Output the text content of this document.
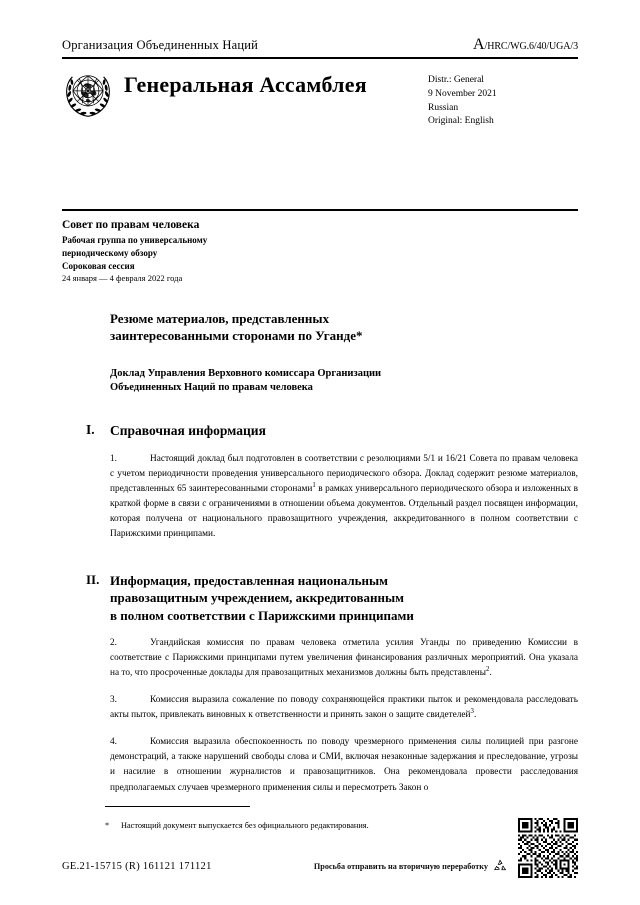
Организация Объединенных Наций	A/HRC/WG.6/40/UGA/3
Генеральная Ассамблея	Distr.: General
9 November 2021
Russian
Original: English
Совет по правам человека
Рабочая группа по универсальному
периодическому обзору
Сороковая сессия
24 января — 4 февраля 2022 года
Резюме материалов, представленных
заинтересованными сторонами по Уганде*
Доклад Управления Верховного комиссара Организации
Объединенных Наций по правам человека
I.	Справочная информация

1.	Настоящий доклад был подготовлен в соответствии с резолюциями 5/1 и 16/21 Совета по правам человека с учетом периодичности проведения универсального периодического обзора. Доклад содержит резюме материалов, представленных 65 заинтересованными сторонами$^1$ в рамках универсального периодического обзора и изложенных в краткой форме в связи с ограничениями в отношении объема документов. Отдельный раздел посвящен информации, которая получена от национального правозащитного учреждения, аккредитованного в полном соответствии с Парижскими принципами.

II. Информация, предоставленная национальным
правозащитным учреждением, аккредитованным
в полном соответствии с Парижскими принципами

2.	Угандийская комиссия по правам человека отметила усилия Уганды по приведению Комиссии в соответствие с Парижскими принципами путем увеличения финансирования различных мероприятий. Она указала на то, что просроченные доклады для правозащитных механизмов должны быть представлены$^2$.

3.	Комиссия выразила сожаление по поводу сохраняющейся практики пыток и рекомендовала расследовать акты пыток, привлекать виновных к ответственности и принять закон о защите свидетелей$^3$.

4.	Комиссия выразила обеспокоенность по поводу чрезмерного применения силы полицией при разгоне демонстраций, а также нарушений свободы слова и СМИ, включая незаконные задержания и преследование, угрозы и насилие в отношении журналистов и правозащитников. Она рекомендовала провести расследования предполагаемых случаев чрезмерного применения силы и пересмотреть Закон о

* Настоящий документ выпускается без официального редактирования.
GE.21-15715 (R) 161121 171121	Просьба отправить на вторичную переработку
